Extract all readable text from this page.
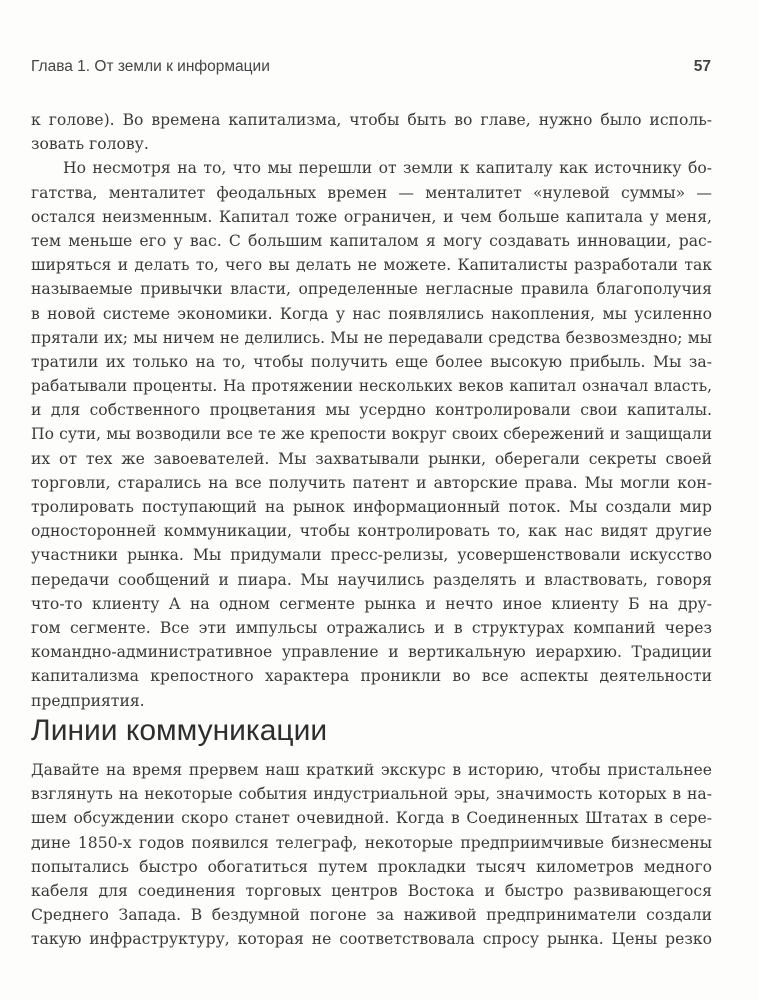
Глава 1. От земли к информации	57
к голове). Во времена капитализма, чтобы быть во главе, нужно было исполь-
зовать голову.
Но несмотря на то, что мы перешли от земли к капиталу как источнику бо-
гатства, менталитет феодальных времен — менталитет «нулевой суммы» —
остался неизменным. Капитал тоже ограничен, и чем больше капитала у меня,
тем меньше его у вас. С большим капиталом я могу создавать инновации, рас-
ширяться и делать то, чего вы делать не можете. Капиталисты разработали так
называемые привычки власти, определенные негласные правила благополучия
в новой системе экономики. Когда у нас появлялись накопления, мы усиленно
прятали их; мы ничем не делились. Мы не передавали средства безвозмездно; мы
тратили их только на то, чтобы получить еще более высокую прибыль. Мы за-
рабатывали проценты. На протяжении нескольких веков капитал означал власть,
и для собственного процветания мы усердно контролировали свои капиталы.
По сути, мы возводили все те же крепости вокруг своих сбережений и защищали
их от тех же завоевателей. Мы захватывали рынки, оберегали секреты своей
торговли, старались на все получить патент и авторские права. Мы могли кон-
тролировать поступающий на рынок информационный поток. Мы создали мир
односторонней коммуникации, чтобы контролировать то, как нас видят другие
участники рынка. Мы придумали пресс-релизы, усовершенствовали искусство
передачи сообщений и пиара. Мы научились разделять и властвовать, говоря
что-то клиенту А на одном сегменте рынка и нечто иное клиенту Б на дру-
гом сегменте. Все эти импульсы отражались и в структурах компаний через
командно-административное управление и вертикальную иерархию. Традиции
капитализма крепостного характера проникли во все аспекты деятельности
предприятия.
Линии коммуникации
Давайте на время прервем наш краткий экскурс в историю, чтобы пристальнее
взглянуть на некоторые события индустриальной эры, значимость которых в на-
шем обсуждении скоро станет очевидной. Когда в Соединенных Штатах в сере-
дине 1850-х годов появился телеграф, некоторые предприимчивые бизнесмены
попытались быстро обогатиться путем прокладки тысяч километров медного
кабеля для соединения торговых центров Востока и быстро развивающегося
Среднего Запада. В бездумной погоне за наживой предприниматели создали
такую инфраструктуру, которая не соответствовала спросу рынка. Цены резко
